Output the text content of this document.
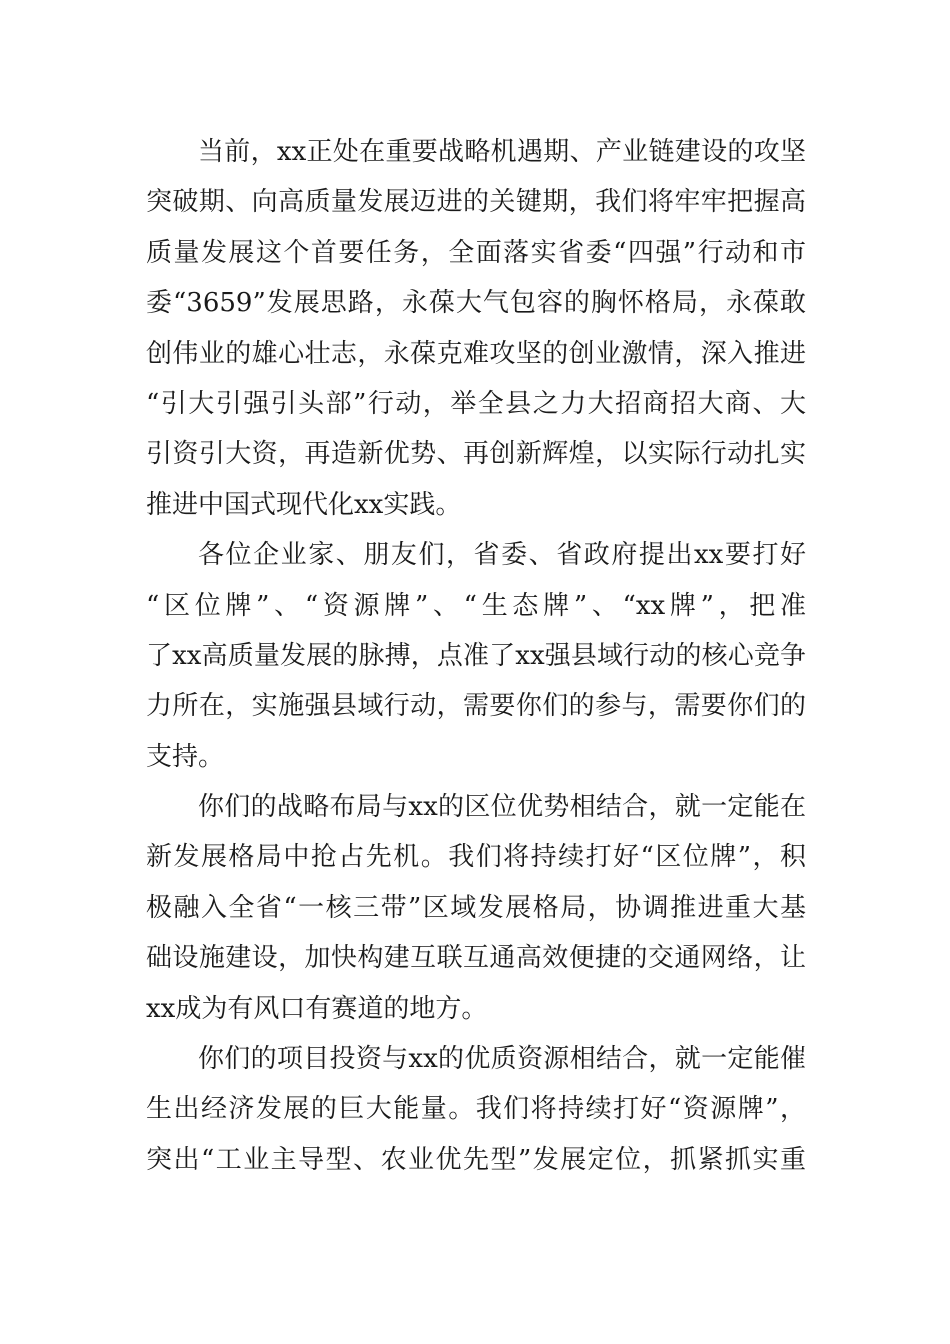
当前，xx正处在重要战略机遇期、产业链建设的攻坚
突破期、向高质量发展迈进的关键期，我们将牢牢把握高
质量发展这个首要任务，全面落实省委“四强”行动和市
委“3659”发展思路，永葆大气包容的胸怀格局，永葆敢
创伟业的雄心壮志，永葆克难攻坚的创业激情，深入推进
“引大引强引头部”行动，举全县之力大招商招大商、大
引资引大资，再造新优势、再创新辉煌，以实际行动扎实
推进中国式现代化xx实践。
各位企业家、朋友们，省委、省政府提出xx要打好
“区位牌”、“资源牌”、“生态牌”、“xx牌”，把准
了xx高质量发展的脉搏，点准了xx强县域行动的核心竞争
力所在，实施强县域行动，需要你们的参与，需要你们的
支持。
你们的战略布局与xx的区位优势相结合，就一定能在
新发展格局中抢占先机。我们将持续打好“区位牌”，积
极融入全省“一核三带”区域发展格局，协调推进重大基
础设施建设，加快构建互联互通高效便捷的交通网络，让
xx成为有风口有赛道的地方。
你们的项目投资与xx的优质资源相结合，就一定能催
生出经济发展的巨大能量。我们将持续打好“资源牌”，
突出“工业主导型、农业优先型”发展定位，抓紧抓实重
